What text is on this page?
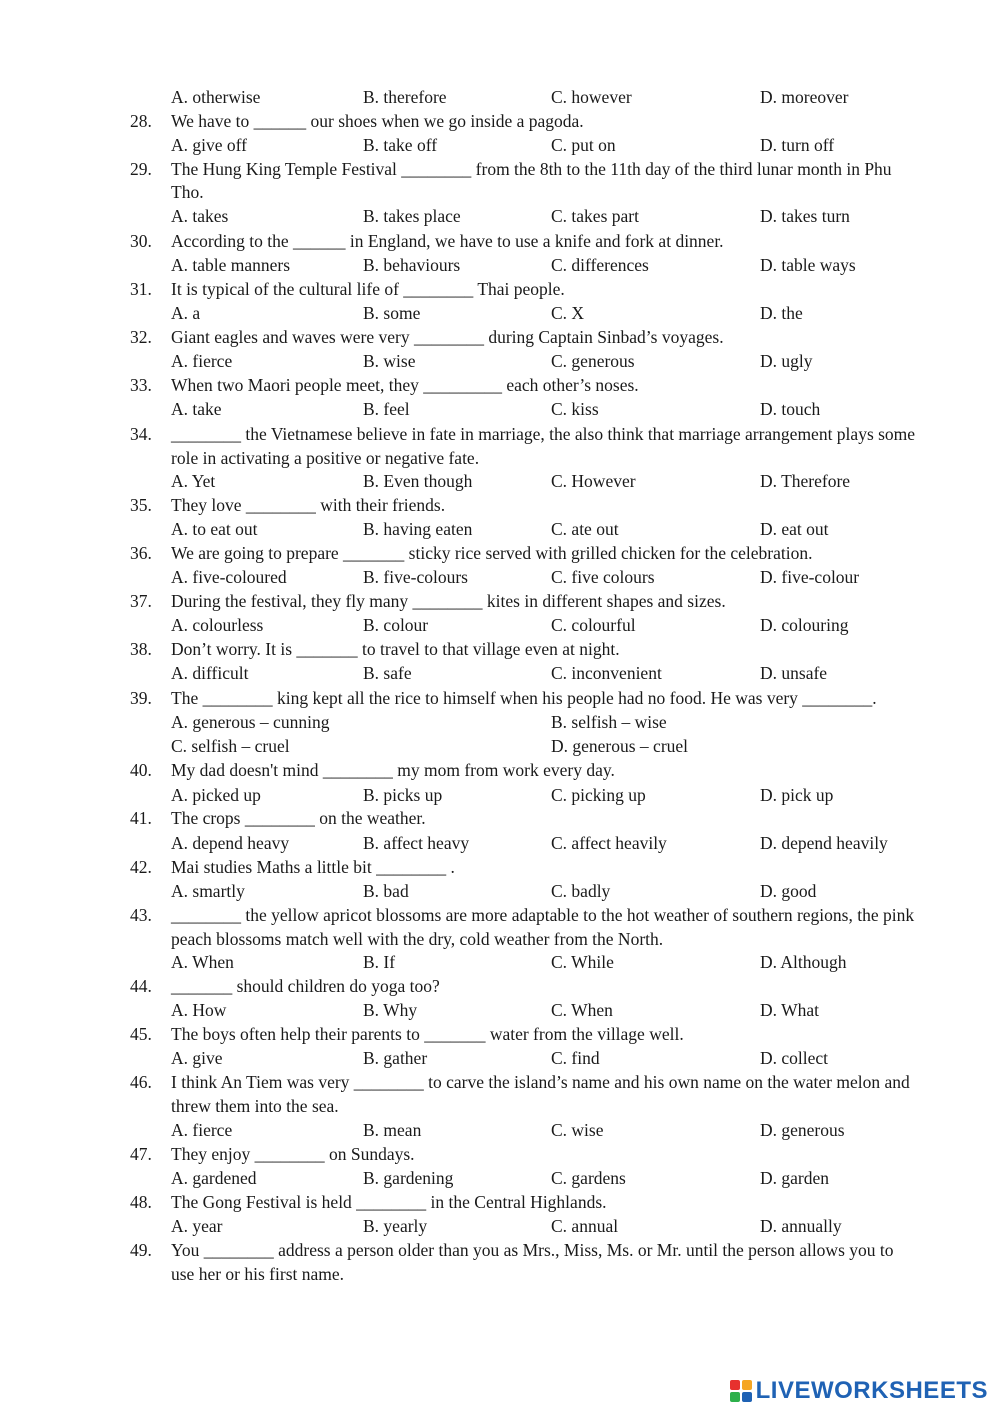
A. otherwise	B. therefore	C. however	D. moreover
28.	We have to ______ our shoes when we go inside a pagoda.
A. give off	B. take off	C. put on	D. turn off
29.	The Hung King Temple Festival ________ from the 8th to the 11th day of the third lunar month in Phu
Tho.
A. takes	B. takes place	C. takes part	D. takes turn
30.	According to the ______ in England, we have to use a knife and fork at dinner.
A. table manners	B. behaviours	C. differences	D. table ways
31.	It is typical of the cultural life of ________ Thai people.
A. a	B. some	C. X	D. the
32.	Giant eagles and waves were very ________ during Captain Sinbad’s voyages.
A. fierce	B. wise	C. generous	D. ugly
33.	When two Maori people meet, they _________ each other’s noses.
A. take	B. feel	C. kiss	D. touch
34.	________ the Vietnamese believe in fate in marriage, the also think that marriage arrangement plays some
role in activating a positive or negative fate.
A. Yet	B. Even though	C. However	D. Therefore
35.	They love ________ with their friends.
A. to eat out	B. having eaten	C. ate out	D. eat out
36.	We are going to prepare _______ sticky rice served with grilled chicken for the celebration.
A. five-coloured	B. five-colours	C. five colours	D. five-colour
37.	During the festival, they fly many ________ kites in different shapes and sizes.
A. colourless	B. colour	C. colourful	D. colouring
38.	Don’t worry. It is _______ to travel to that village even at night.
A. difficult	B. safe	C. inconvenient	D. unsafe
39.	The ________ king kept all the rice to himself when his people had no food. He was very ________.
A. generous – cunning	B. selfish – wise
C. selfish – cruel	D. generous – cruel
40.	My dad doesn't mind ________ my mom from work every day.
A. picked up	B. picks up	C. picking up	D. pick up
41.	The crops ________ on the weather.
A. depend heavy	B. affect heavy	C. affect heavily	D. depend heavily
42.	Mai studies Maths a little bit ________ .
A. smartly	B. bad	C. badly	D. good
43.	________ the yellow apricot blossoms are more adaptable to the hot weather of southern regions, the pink
peach blossoms match well with the dry, cold weather from the North.
A. When	B. If	C. While	D. Although
44.	_______ should children do yoga too?
A. How	B. Why	C. When	D. What
45.	The boys often help their parents to _______ water from the village well.
A. give	B. gather	C. find	D. collect
46.	I think An Tiem was very ________ to carve the island’s name and his own name on the water melon and
threw them into the sea.
A. fierce	B. mean	C. wise	D. generous
47.	They enjoy ________ on Sundays.
A. gardened	B. gardening	C. gardens	D. garden
48.	The Gong Festival is held ________ in the Central Highlands.
A. year	B. yearly	C. annual	D. annually
49.	You ________ address a person older than you as Mrs., Miss, Ms. or Mr. until the person allows you to
use her or his first name.
LIVEWORKSHEETS
